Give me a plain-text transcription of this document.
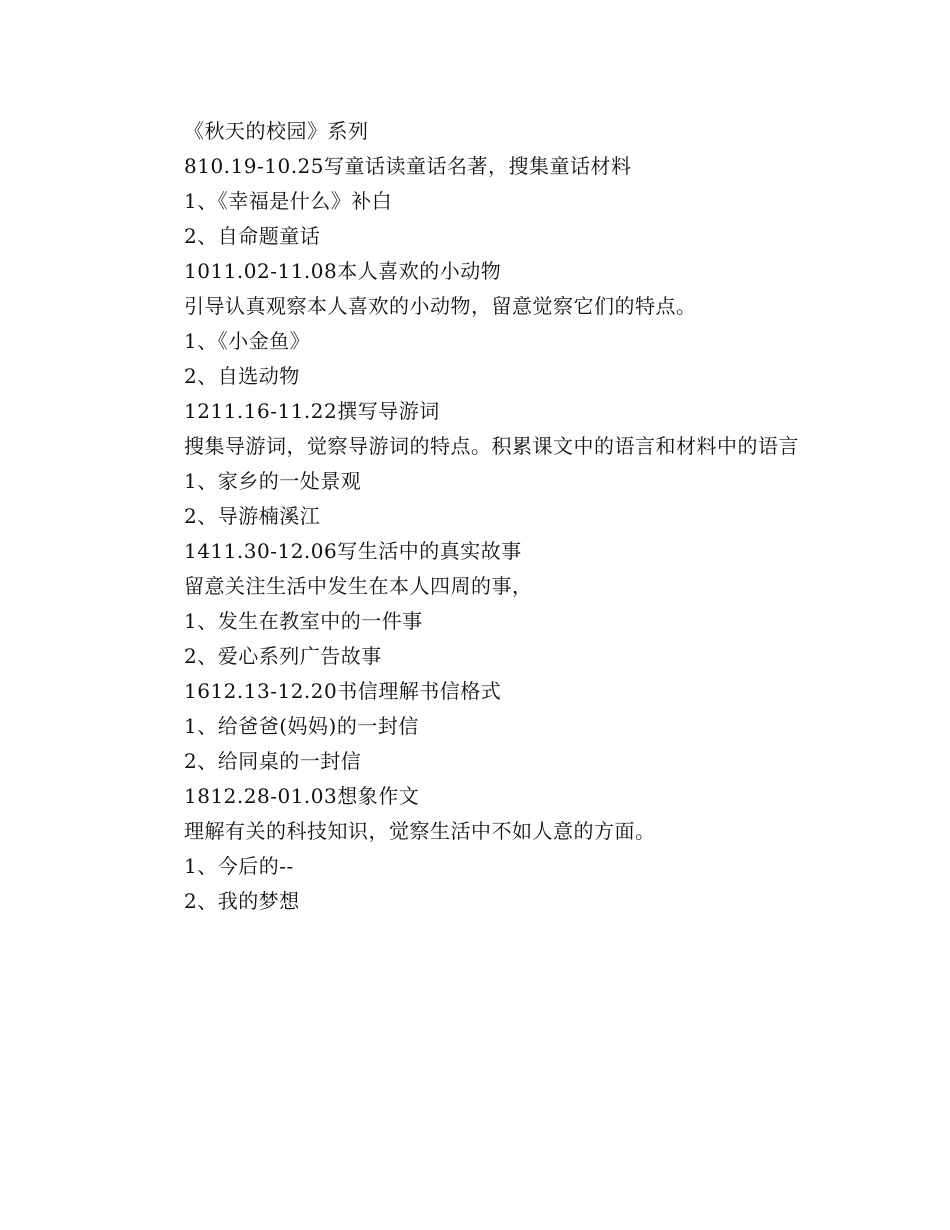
《秋天的校园》系列

810.19-10.25写童话读童话名著，搜集童话材料

1、《幸福是什么》补白

2、自命题童话

1011.02-11.08本人喜欢的小动物

引导认真观察本人喜欢的小动物，留意觉察它们的特点。

1、《小金鱼》

2、自选动物

1211.16-11.22撰写导游词

搜集导游词，觉察导游词的特点。积累课文中的语言和材料中的语言

1、家乡的一处景观

2、导游楠溪江

1411.30-12.06写生活中的真实故事

留意关注生活中发生在本人四周的事，

1、发生在教室中的一件事

2、爱心系列广告故事

1612.13-12.20书信理解书信格式

1、给爸爸(妈妈)的一封信

2、给同桌的一封信

1812.28-01.03想象作文

理解有关的科技知识，觉察生活中不如人意的方面。

1、今后的--

2、我的梦想
